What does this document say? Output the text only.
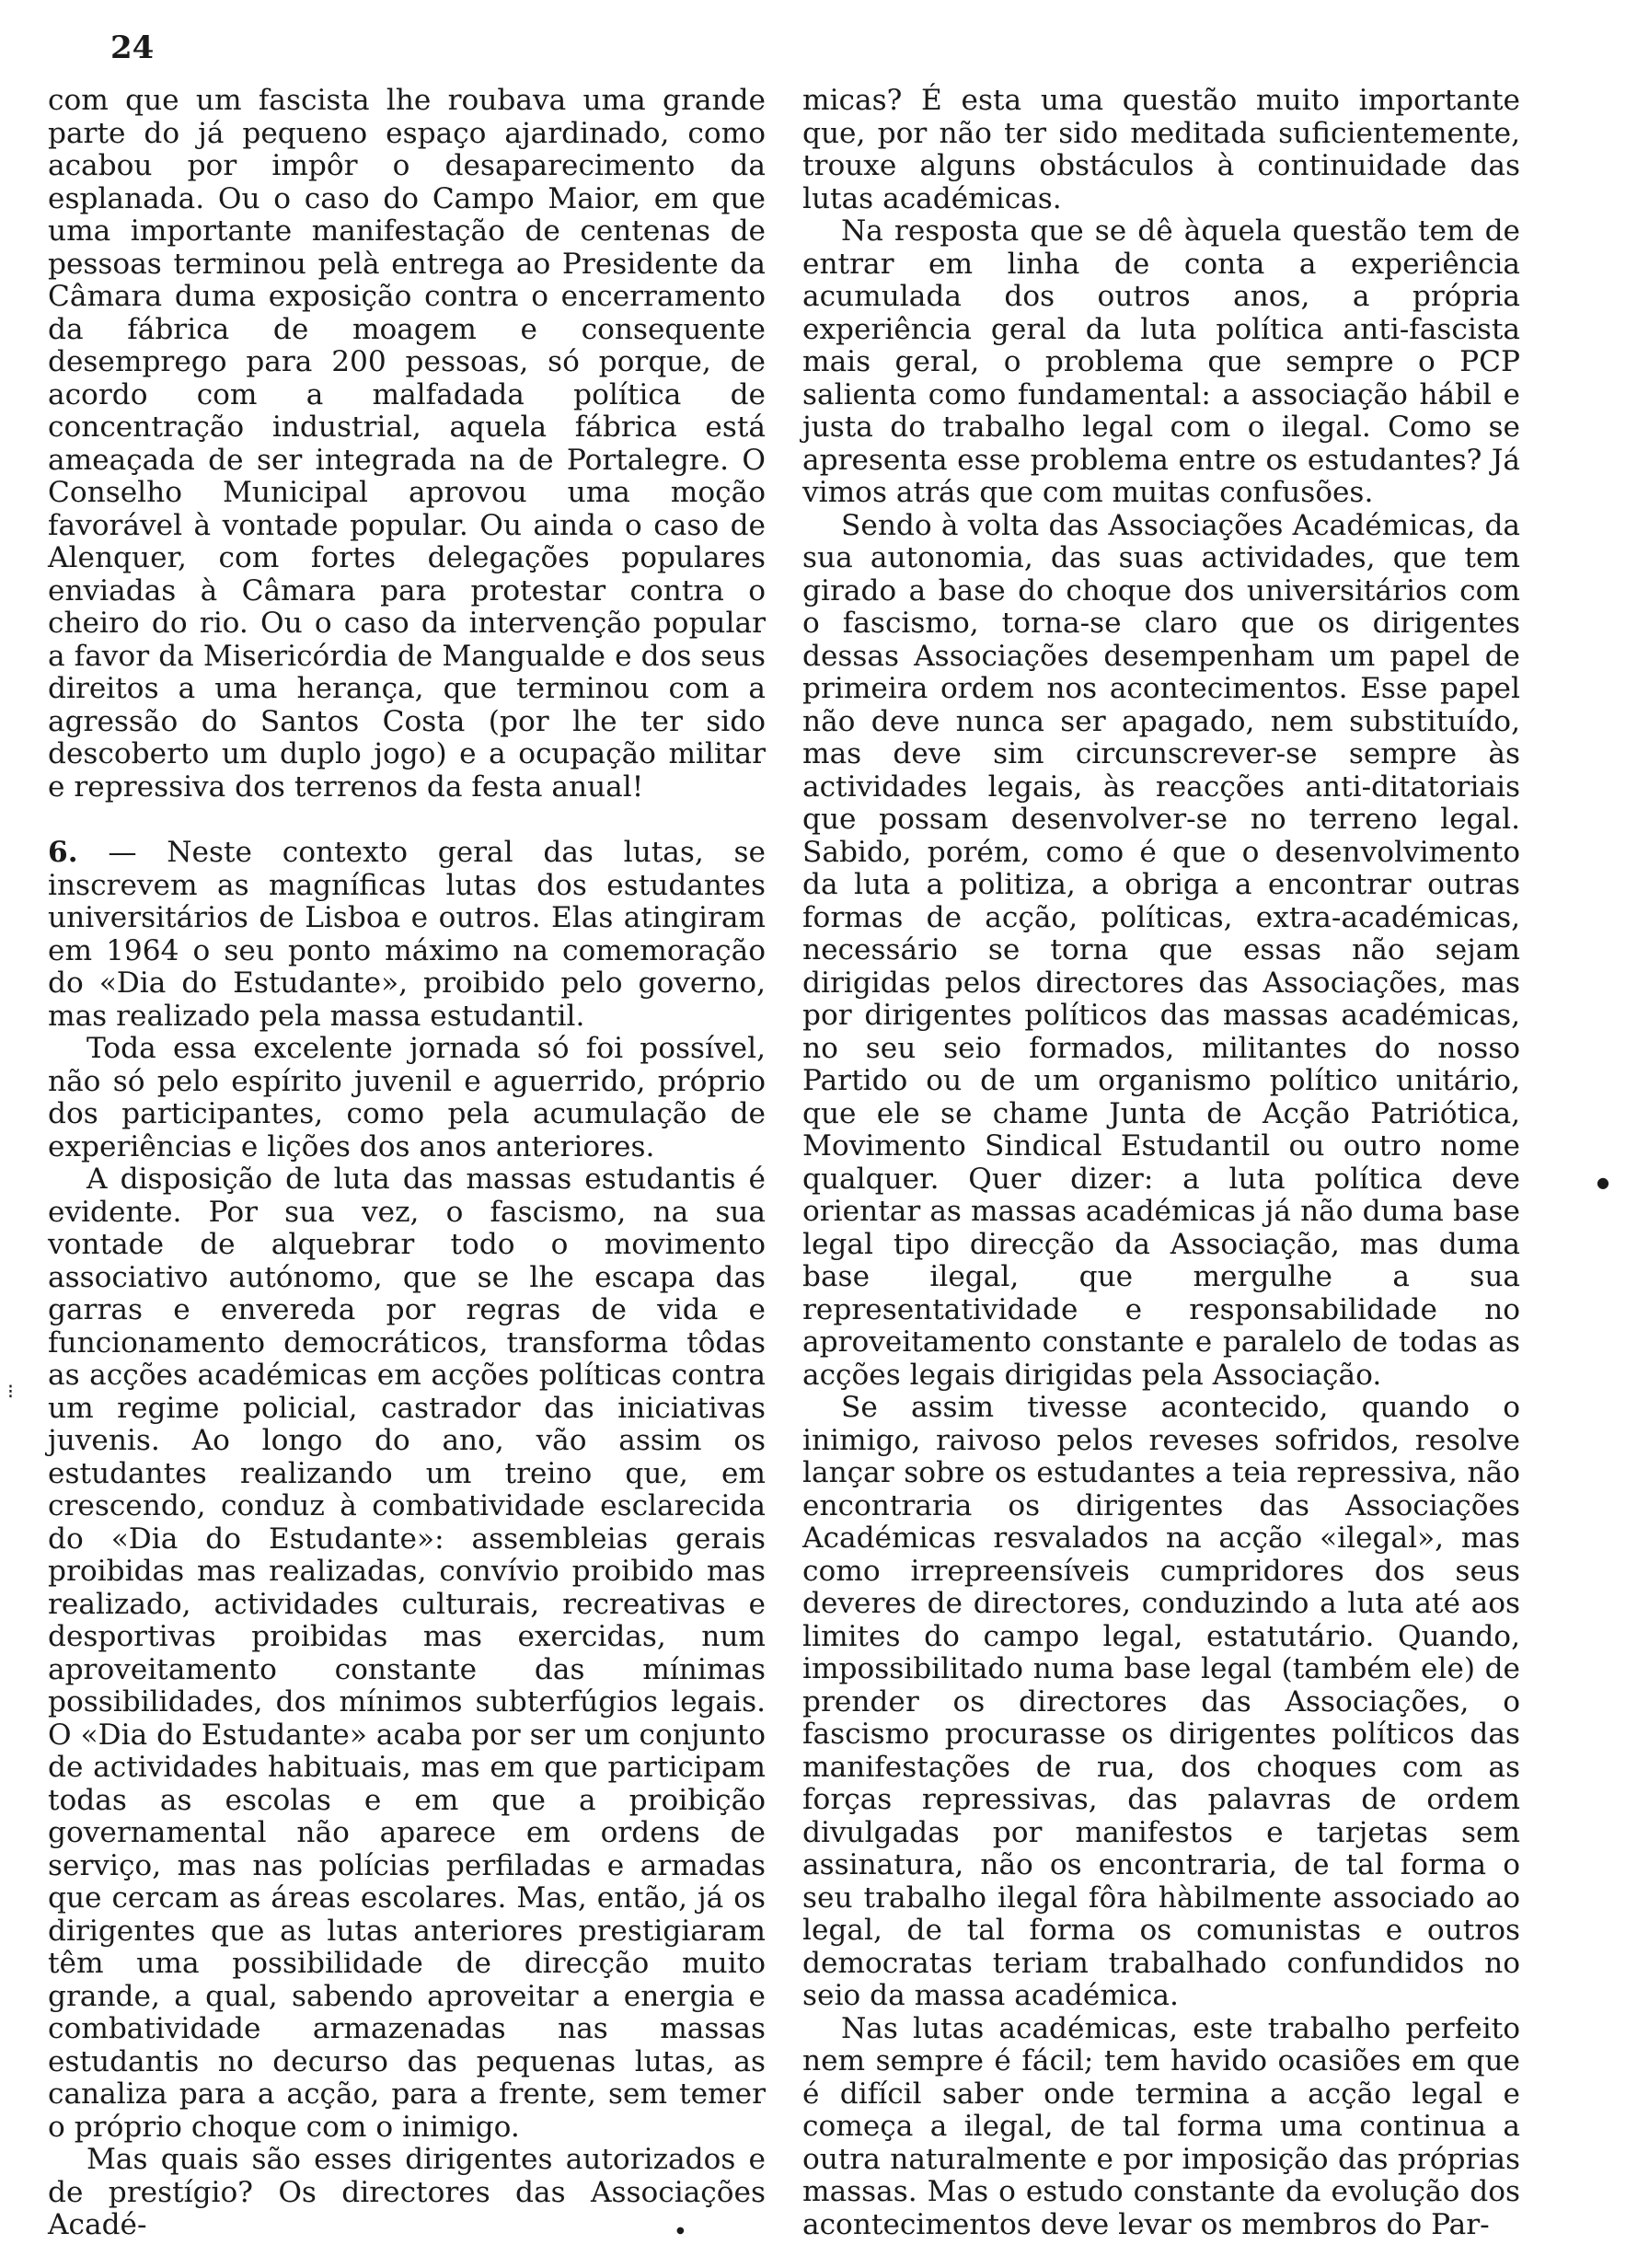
24

com que um fascista lhe roubava uma grande parte do já pequeno espaço ajardinado, como acabou por impôr o desaparecimento da esplanada. Ou o caso do Campo Maior, em que uma importante manifestação de centenas de pessoas terminou pelà entrega ao Presidente da Câmara duma exposição contra o encerramento da fábrica de moagem e consequente desemprego para 200 pessoas, só porque, de acordo com a malfadada política de concentração industrial, aquela fábrica está ameaçada de ser integrada na de Portalegre. O Conselho Municipal aprovou uma moção favorável à vontade popular. Ou ainda o caso de Alenquer, com fortes delegações populares enviadas à Câmara para protestar contra o cheiro do rio. Ou o caso da intervenção popular a favor da Misericórdia de Mangualde e dos seus direitos a uma herança, que terminou com a agressão do Santos Costa (por lhe ter sido descoberto um duplo jogo) e a ocupação militar e repressiva dos terrenos da festa anual!

6. — Neste contexto geral das lutas, se inscrevem as magníficas lutas dos estudantes universitários de Lisboa e outros. Elas atingiram em 1964 o seu ponto máximo na comemoração do «Dia do Estudante», proibido pelo governo, mas realizado pela massa estudantil.

Toda essa excelente jornada só foi possível, não só pelo espírito juvenil e aguerrido, próprio dos participantes, como pela acumulação de experiências e lições dos anos anteriores.

A disposição de luta das massas estudantis é evidente. Por sua vez, o fascismo, na sua vontade de alquebrar todo o movimento associativo autónomo, que se lhe escapa das garras e envereda por regras de vida e funcionamento democráticos, transforma tôdas as acções académicas em acções políticas contra um regime policial, castrador das iniciativas juvenis. Ao longo do ano, vão assim os estudantes realizando um treino que, em crescendo, conduz à combatividade esclarecida do «Dia do Estudante»: assembleias gerais proibidas mas realizadas, convívio proibido mas realizado, actividades culturais, recreativas e desportivas proibidas mas exercidas, num aproveitamento constante das mínimas possibilidades, dos mínimos subterfúgios legais. O «Dia do Estudante» acaba por ser um conjunto de actividades habituais, mas em que participam todas as escolas e em que a proibição governamental não aparece em ordens de serviço, mas nas polícias perfiladas e armadas que cercam as áreas escolares. Mas, então, já os dirigentes que as lutas anteriores prestigiaram têm uma possibilidade de direcção muito grande, a qual, sabendo aproveitar a energia e combatividade armazenadas nas massas estudantis no decurso das pequenas lutas, as canaliza para a acção, para a frente, sem temer o próprio choque com o inimigo.

Mas quais são esses dirigentes autorizados e de prestígio? Os directores das Associações Acadé-

micas? É esta uma questão muito importante que, por não ter sido meditada suficientemente, trouxe alguns obstáculos à continuidade das lutas académicas.

Na resposta que se dê àquela questão tem de entrar em linha de conta a experiência acumulada dos outros anos, a própria experiência geral da luta política anti-fascista mais geral, o problema que sempre o PCP salienta como fundamental: a associação hábil e justa do trabalho legal com o ilegal. Como se apresenta esse problema entre os estudantes? Já vimos atrás que com muitas confusões.

Sendo à volta das Associações Académicas, da sua autonomia, das suas actividades, que tem girado a base do choque dos universitários com o fascismo, torna-se claro que os dirigentes dessas Associações desempenham um papel de primeira ordem nos acontecimentos. Esse papel não deve nunca ser apagado, nem substituído, mas deve sim circunscrever-se sempre às actividades legais, às reacções anti-ditatoriais que possam desenvolver-se no terreno legal. Sabido, porém, como é que o desenvolvimento da luta a politiza, a obriga a encontrar outras formas de acção, políticas, extra-académicas, necessário se torna que essas não sejam dirigidas pelos directores das Associações, mas por dirigentes políticos das massas académicas, no seu seio formados, militantes do nosso Partido ou de um organismo político unitário, que ele se chame Junta de Acção Patriótica, Movimento Sindical Estudantil ou outro nome qualquer. Quer dizer: a luta política deve orientar as massas académicas já não duma base legal tipo direcção da Associação, mas duma base ilegal, que mergulhe a sua representatividade e responsabilidade no aproveitamento constante e paralelo de todas as acções legais dirigidas pela Associação.

Se assim tivesse acontecido, quando o inimigo, raivoso pelos reveses sofridos, resolve lançar sobre os estudantes a teia repressiva, não encontraria os dirigentes das Associações Académicas resvalados na acção «ilegal», mas como irrepreensíveis cumpridores dos seus deveres de directores, conduzindo a luta até aos limites do campo legal, estatutário. Quando, impossibilitado numa base legal (também ele) de prender os directores das Associações, o fascismo procurasse os dirigentes políticos das manifestações de rua, dos choques com as forças repressivas, das palavras de ordem divulgadas por manifestos e tarjetas sem assinatura, não os encontraria, de tal forma o seu trabalho ilegal fôra hàbilmente associado ao legal, de tal forma os comunistas e outros democratas teriam trabalhado confundidos no seio da massa académica.

Nas lutas académicas, este trabalho perfeito nem sempre é fácil; tem havido ocasiões em que é difícil saber onde termina a acção legal e começa a ilegal, de tal forma uma continua a outra naturalmente e por imposição das próprias massas. Mas o estudo constante da evolução dos acontecimentos deve levar os membros do Par-

⁝
●
●
